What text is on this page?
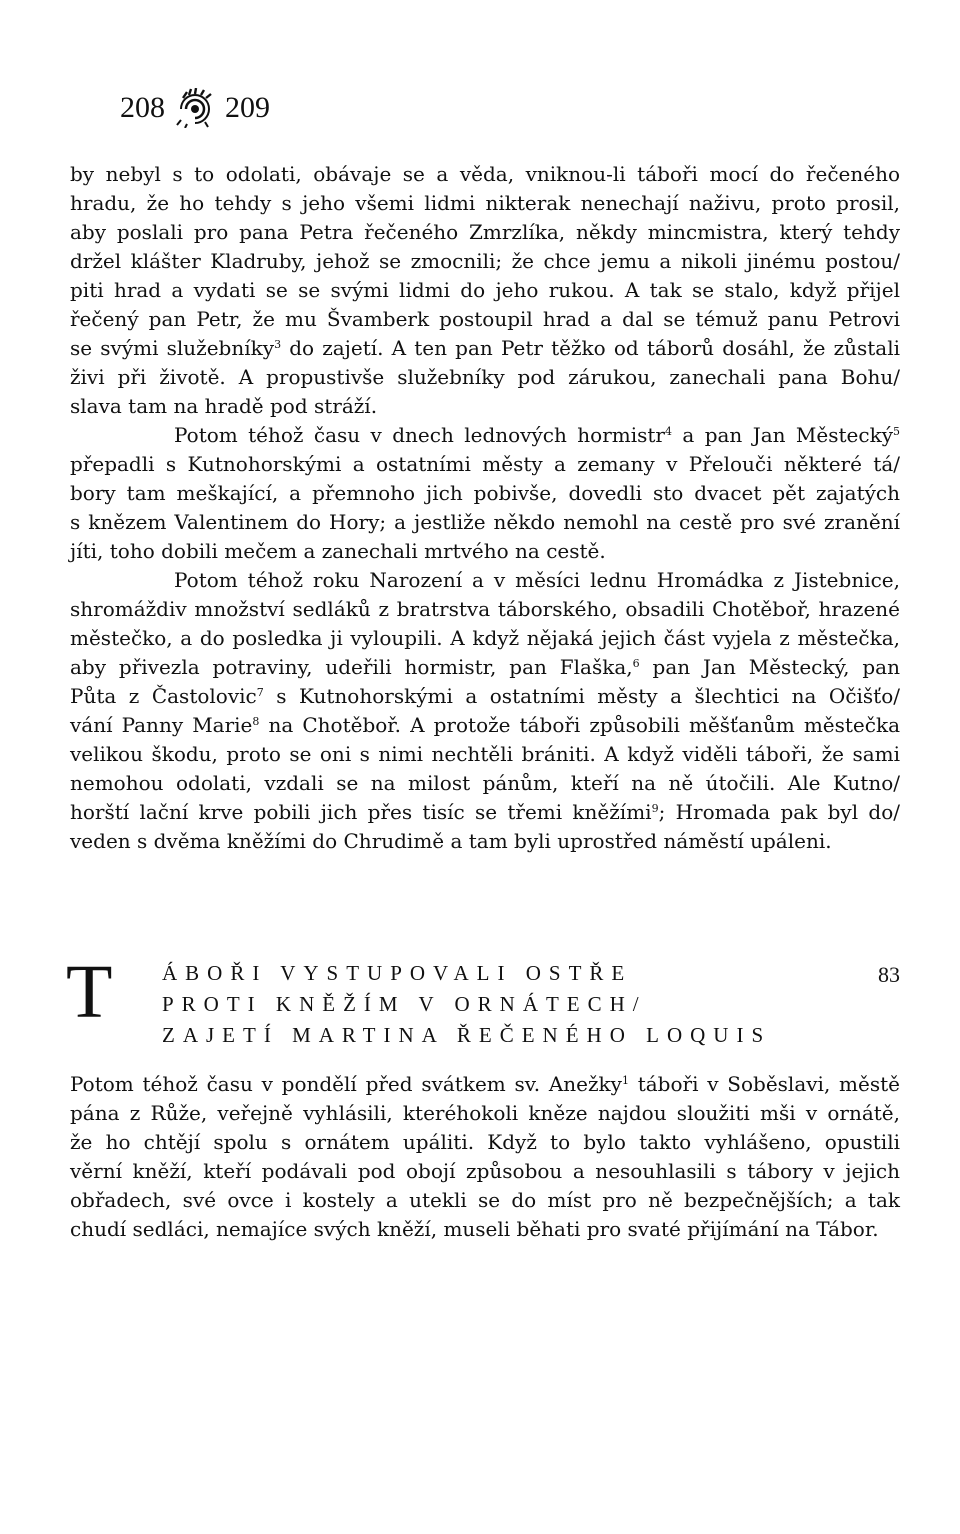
208 209
by nebyl s to odolati, obávaje se a věda, vniknou-li táboři mocí do řečeného
hradu, že ho tehdy s jeho všemi lidmi nikterak nenechají naživu, proto prosil,
aby poslali pro pana Petra řečeného Zmrzlíka, někdy mincmistra, který tehdy
držel klášter Kladruby, jehož se zmocnili; že chce jemu a nikoli jinému postou/
piti hrad a vydati se se svými lidmi do jeho rukou. A tak se stalo, když přijel
řečený pan Petr, že mu Švamberk postoupil hrad a dal se témuž panu Petrovi
se svými služebníky$^3$ do zajetí. A ten pan Petr těžko od táborů dosáhl, že zůstali
živi při životě. A propustivše služebníky pod zárukou, zanechali pana Bohu/
slava tam na hradě pod stráží.
Potom téhož času v dnech lednových hormistr$^4$ a pan Jan Městecký$^5$
přepadli s Kutnohorskými a ostatními městy a zemany v Přelouči některé tá/
bory tam meškající, a přemnoho jich pobivše, dovedli sto dvacet pět zajatých
s knězem Valentinem do Hory; a jestliže někdo nemohl na cestě pro své zranění
jíti, toho dobili mečem a zanechali mrtvého na cestě.
Potom téhož roku Narození a v měsíci lednu Hromádka z Jistebnice,
shromáždiv množství sedláků z bratrstva táborského, obsadili Chotěboř, hrazené
městečko, a do posledka ji vyloupili. A když nějaká jejich část vyjela z městečka,
aby přivezla potraviny, udeřili hormistr, pan Flaška,$^6$ pan Jan Městecký, pan
Půta z Častolovic$^7$ s Kutnohorskými a ostatními městy a šlechtici na Očišťo/
vání Panny Marie$^8$ na Chotěboř. A protože táboři způsobili měšťanům městečka
velikou škodu, proto se oni s nimi nechtěli brániti. A když viděli táboři, že sami
nemohou odolati, vzdali se na milost pánům, kteří na ně útočili. Ale Kutno/
horští lační krve pobili jich přes tisíc se třemi kněžími$^9$; Hromada pak byl do/
veden s dvěma kněžími do Chrudimě a tam byli uprostřed náměstí upáleni.
T ÁBOŘI VYSTUPOVALI OSTŘE
PROTI KNĚŽÍM V ORNÁTECH/
ZAJETÍ MARTINA ŘEČENÉHO LOQUIS
83
Potom téhož času v pondělí před svátkem sv. Anežky$^1$ táboři v Soběslavi, městě
pána z Růže, veřejně vyhlásili, kteréhokoli kněze najdou sloužiti mši v ornátě,
že ho chtějí spolu s ornátem upáliti. Když to bylo takto vyhlášeno, opustili
věrní kněží, kteří podávali pod obojí způsobou a nesouhlasili s tábory v jejich
obřadech, své ovce i kostely a utekli se do míst pro ně bezpečnějších; a tak
chudí sedláci, nemajíce svých kněží, museli běhati pro svaté přijímání na Tábor.
